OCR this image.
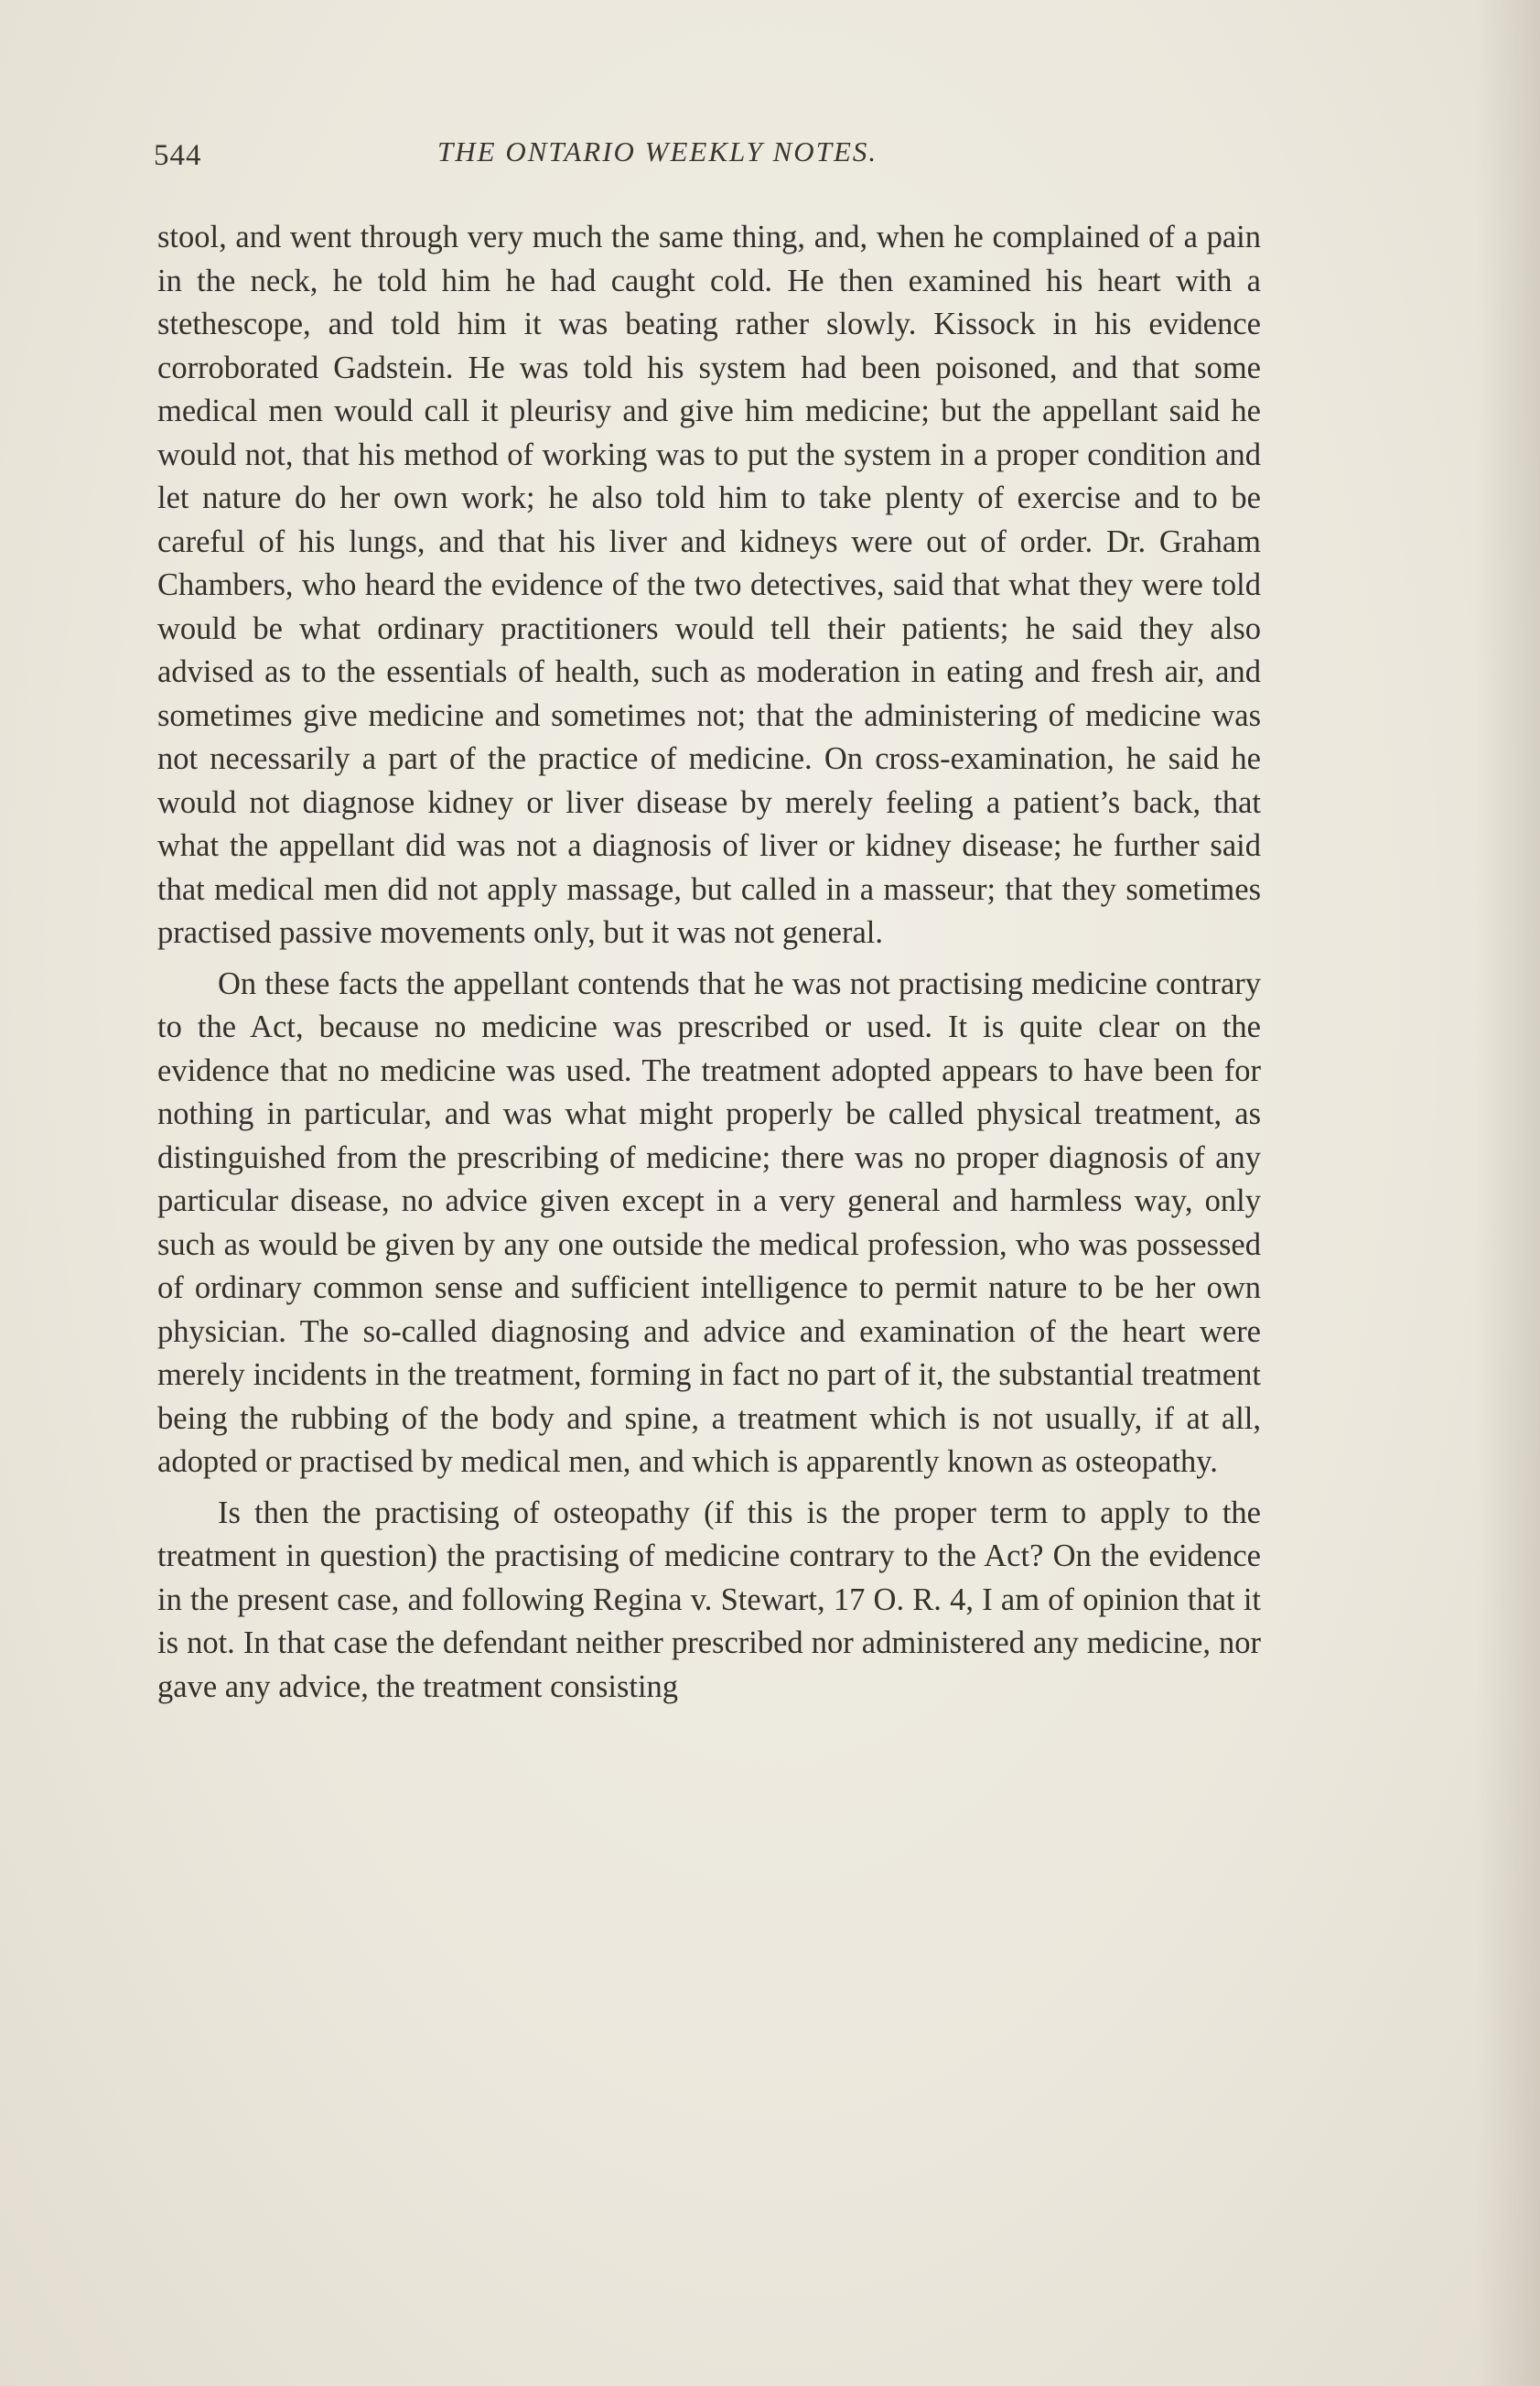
544	THE ONTARIO WEEKLY NOTES.

stool, and went through very much the same thing, and, when he complained of a pain in the neck, he told him he had caught cold. He then examined his heart with a stethescope, and told him it was beating rather slowly. Kissock in his evidence corroborated Gadstein. He was told his system had been poisoned, and that some medical men would call it pleurisy and give him medicine; but the appellant said he would not, that his method of working was to put the system in a proper condition and let nature do her own work; he also told him to take plenty of exercise and to be careful of his lungs, and that his liver and kidneys were out of order. Dr. Graham Chambers, who heard the evidence of the two detectives, said that what they were told would be what ordinary practitioners would tell their patients; he said they also advised as to the essentials of health, such as moderation in eating and fresh air, and sometimes give medicine and sometimes not; that the administering of medicine was not necessarily a part of the practice of medicine. On cross-examination, he said he would not diagnose kidney or liver disease by merely feeling a patient’s back, that what the appellant did was not a diagnosis of liver or kidney disease; he further said that medical men did not apply massage, but called in a masseur; that they sometimes practised passive movements only, but it was not general.

On these facts the appellant contends that he was not practising medicine contrary to the Act, because no medicine was prescribed or used. It is quite clear on the evidence that no medicine was used. The treatment adopted appears to have been for nothing in particular, and was what might properly be called physical treatment, as distinguished from the prescribing of medicine; there was no proper diagnosis of any particular disease, no advice given except in a very general and harmless way, only such as would be given by any one outside the medical profession, who was possessed of ordinary common sense and sufficient intelligence to permit nature to be her own physician. The so-called diagnosing and advice and examination of the heart were merely incidents in the treatment, forming in fact no part of it, the substantial treatment being the rubbing of the body and spine, a treatment which is not usually, if at all, adopted or practised by medical men, and which is apparently known as osteopathy.

Is then the practising of osteopathy (if this is the proper term to apply to the treatment in question) the practising of medicine contrary to the Act? On the evidence in the present case, and following Regina v. Stewart, 17 O. R. 4, I am of opinion that it is not. In that case the defendant neither prescribed nor administered any medicine, nor gave any advice, the treatment consisting
